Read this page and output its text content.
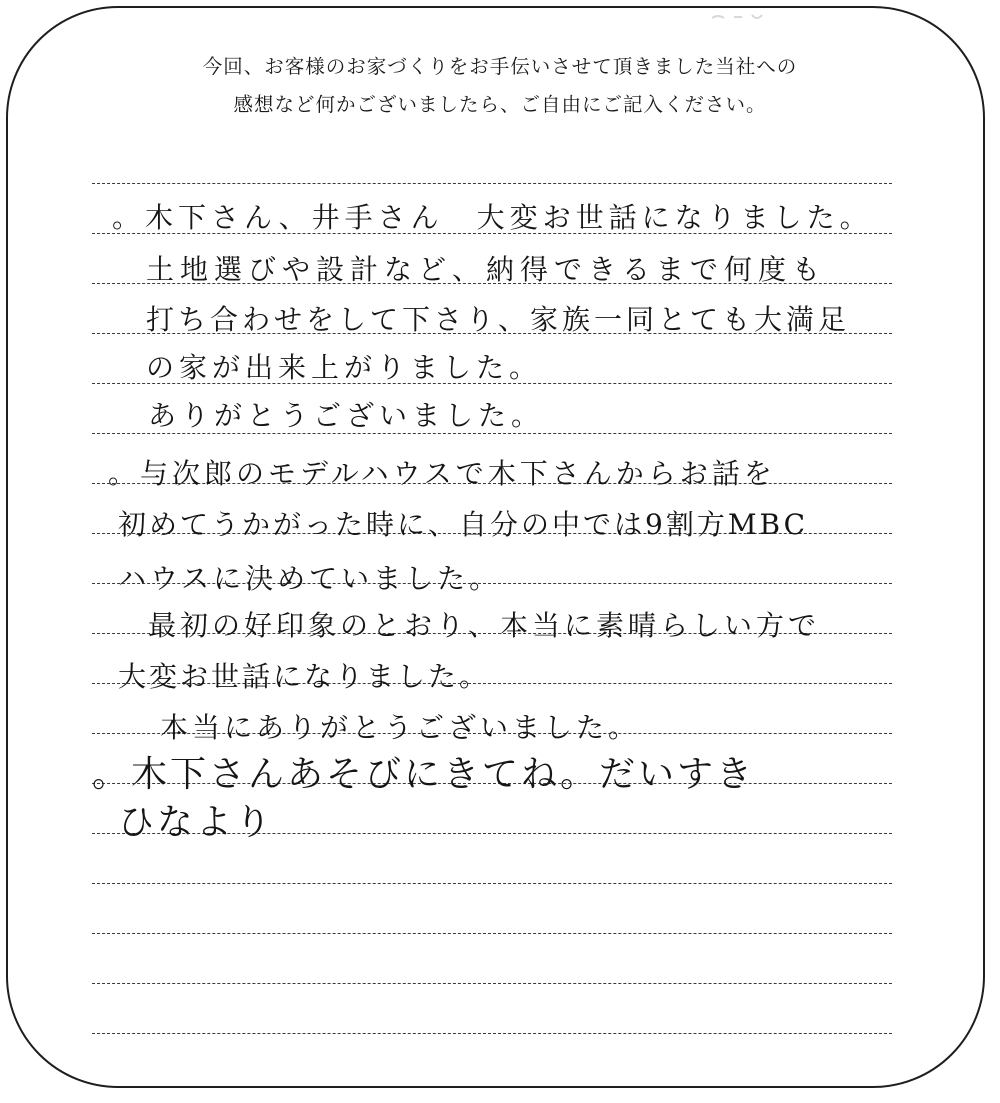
今回、お客様のお家づくりをお手伝いさせて頂きました当社への
感想など何かございましたら、ご自由にご記入ください。
。木下さん、井手さん　大変お世話になりました。
土地選びや設計など、納得できるまで何度も
打ち合わせをして下さり、家族一同とても大満足
の家が出来上がりました。
ありがとうございました。
。与次郎のモデルハウスで木下さんからお話を
初めてうかがった時に、自分の中では9割方MBC
ハウスに決めていました。
最初の好印象のとおり、本当に素晴らしい方で
大変お世話になりました。
本当にありがとうございました。
。木下さんあそびにきてね。だいすき
ひなより
